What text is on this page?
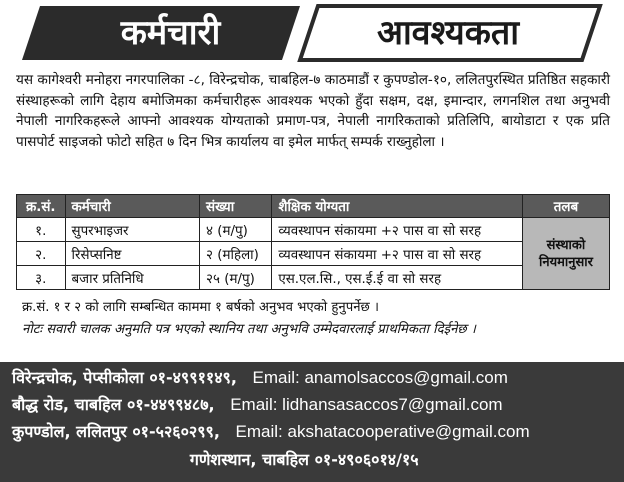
कर्मचारी	आवश्यकता
यस कागेश्वरी मनोहरा नगरपालिका -८, विरेन्द्रचोक, चाबहिल-७ काठमाडौं र कुपण्डोल-१०, ललितपुरस्थित प्रतिष्ठित सहकारी संस्थाहरूको लागि देहाय बमोजिमका कर्मचारीहरू आवश्यक भएको हुँदा सक्षम, दक्ष, इमान्दार, लगनशिल तथा अनुभवी नेपाली नागरिकहरूले आफ्नो आवश्यक योग्यताको प्रमाण-पत्र, नेपाली नागरिकताको प्रतिलिपि, बायोडाटा र एक प्रति पासपोर्ट साइजको फोटो सहित ७ दिन भित्र कार्यालय वा इमेल मार्फत् सम्पर्क राख्नुहोला ।
क्र.सं.	कर्मचारी	संख्या	शैक्षिक योग्यता	तलब
१.	सुपरभाइजर	४ (म/पु)	व्यवस्थापन संकायमा +२ पास वा सो सरह	संस्थाको नियमानुसार
२.	रिसेप्सनिष्ट	२ (महिला)	व्यवस्थापन संकायमा +२ पास वा सो सरह	
३.	बजार प्रतिनिधि	२५ (म/पु)	एस.एल.सि., एस.ई.ई वा सो सरह	
क्र.सं. १ र २ को लागि सम्बन्धित काममा १ बर्षको अनुभव भएको हुनुपर्नेछ ।
नोटः सवारी चालक अनुमति पत्र भएको स्थानिय तथा अनुभवि उम्मेदवारलाई प्राथमिकता दिईनेछ ।
विरेन्द्रचोक, पेप्सीकोला ०१-४९९११४९, Email: anamolsaccos@gmail.com
बौद्ध रोड, चाबहिल ०१-४४९९४८७, Email: lidhansasaccos7@gmail.com
कुपण्डोल, ललितपुर ०१-५२६०२९९, Email: akshatacooperative@gmail.com
गणेशस्थान, चाबहिल ०१-४९०६०१४/१५
